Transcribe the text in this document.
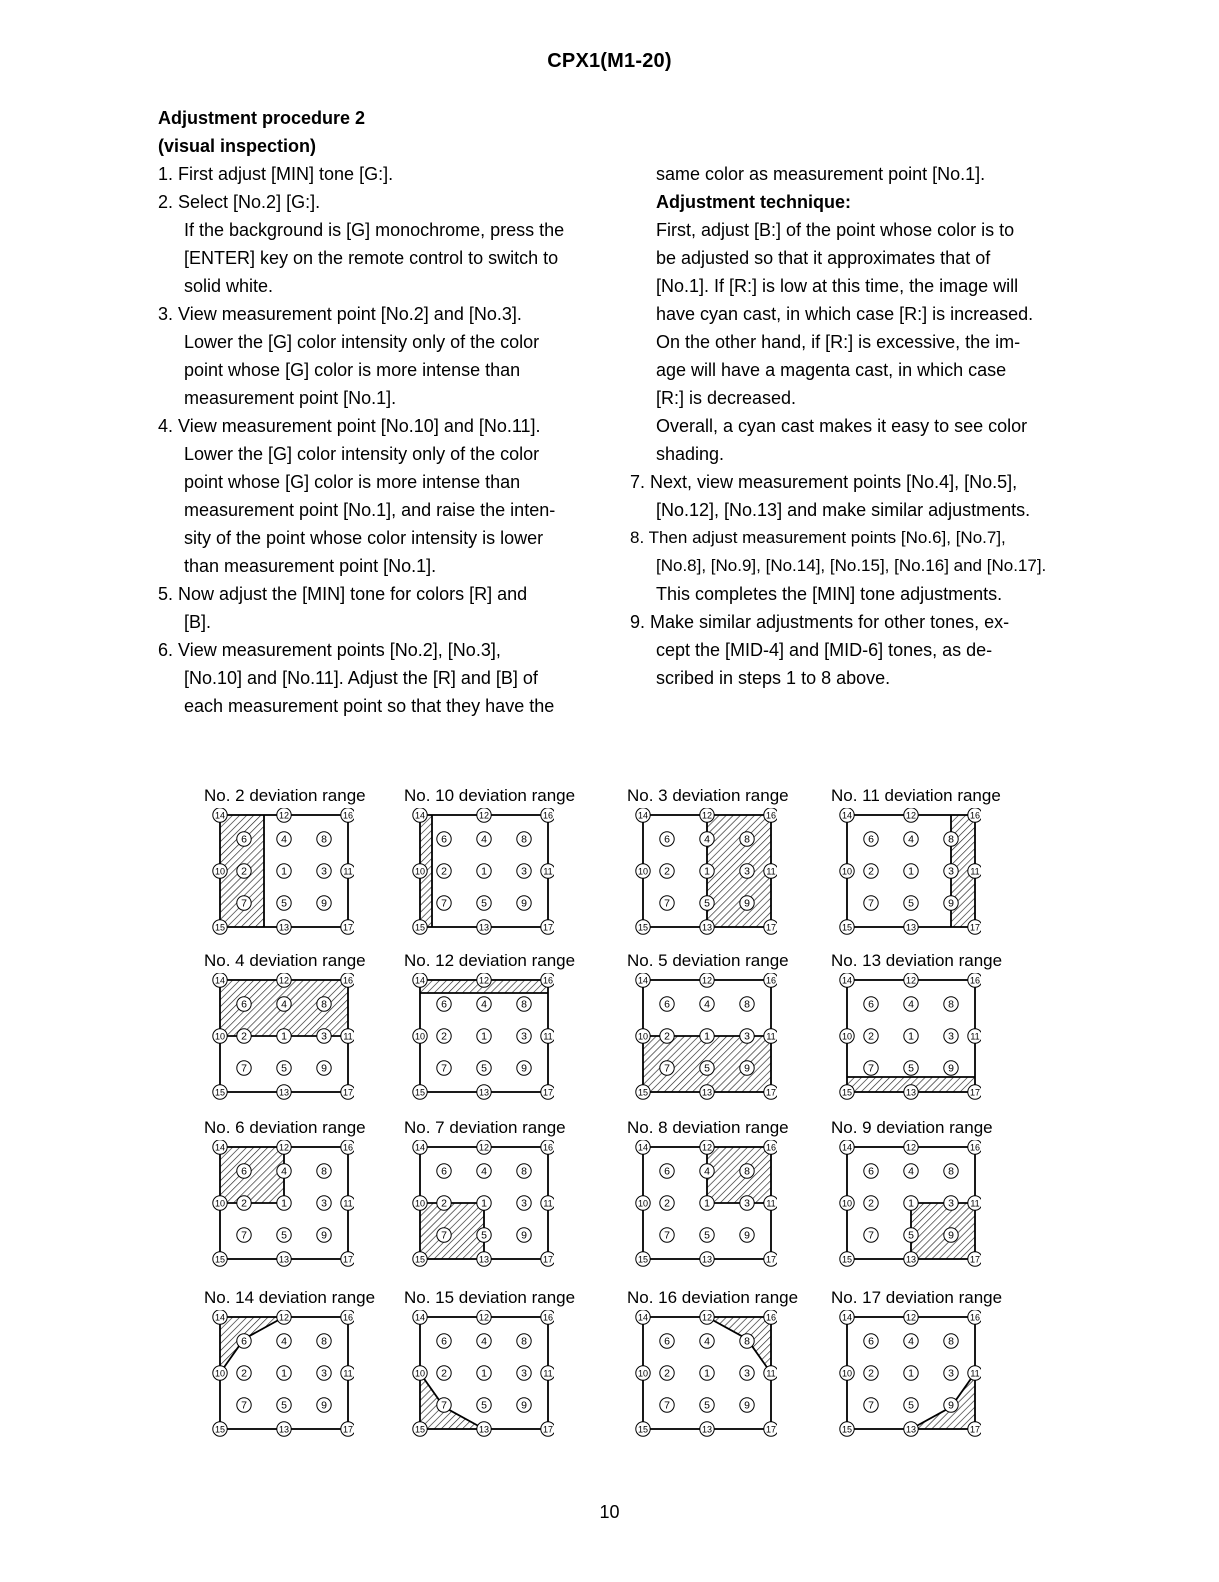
CPX1(M1-20)

Adjustment procedure 2

(visual inspection)

1. First adjust [MIN] tone [G:].

2. Select [No.2] [G:].

If the background is [G] monochrome, press the

[ENTER] key on the remote control to switch to

solid white.

3. View measurement point [No.2] and [No.3].

Lower the [G] color intensity only of the color

point whose [G] color is more intense than

measurement point [No.1].

4. View measurement point [No.10] and [No.11].

Lower the [G] color intensity only of the color

point whose [G] color is more intense than

measurement point [No.1], and raise the inten-

sity of the point whose color intensity is lower

than measurement point [No.1].

5. Now adjust the [MIN] tone for colors [R] and

[B].

6. View measurement points [No.2], [No.3],

[No.10] and [No.11]. Adjust the [R] and [B] of

each measurement point so that they have the

same color as measurement point [No.1].

Adjustment technique:

First, adjust [B:] of the point whose color is to

be adjusted so that it approximates that of

[No.1]. If [R:] is low at this time, the image will

have cyan cast, in which case [R:] is increased.

On the other hand, if [R:] is excessive, the im-

age will have a magenta cast, in which case

[R:] is decreased.

Overall, a cyan cast makes it easy to see color

shading.

7. Next, view measurement points [No.4], [No.5],

[No.12], [No.13] and make similar adjustments.

8. Then adjust measurement points [No.6], [No.7],

[No.8], [No.9], [No.14], [No.15], [No.16] and [No.17].

This completes the [MIN] tone adjustments.

9. Make similar adjustments for other tones, ex-

cept the [MID-4] and [MID-6] tones, as de-

scribed in steps 1 to 8 above.

No. 2 deviation range
1
2	3
4
5
6
7
8
9
10	11
12
13
14
15
16
17
No. 10 deviation range
1
2	3
4
5
6
7
8
9
10	11
12
13
14
15
16
17
No. 3 deviation range
1
2	3
4
5
6
7
8
9
10	11
12
13
14
15
16
17
No. 11 deviation range
1
2	3
4
5
6
7
8
9
10	11
12
13
14
15
16
17
No. 4 deviation range
1
2	3
4
5
6
7
8
9
10	11
12
13
14
15
16
17
No. 12 deviation range
1
2	3
4
5
6
7
8
9
10	11
12
13
14
15
16
17
No. 5 deviation range
1
2	3
4
5
6
7
8
9
10	11
12
13
14
15
16
17
No. 13 deviation range
1
2	3
4
5
6
7
8
9
10	11
12
13
14
15
16
17
No. 6 deviation range
1
2	3
4
5
6
7
8
9
10	11
12
13
14
15
16
17
No. 7 deviation range
1
2	3
4
5
6
7
8
9
10	11
12
13
14
15
16
17
No. 8 deviation range
1
2	3
4
5
6
7
8
9
10	11
12
13
14
15
16
17
No. 9 deviation range
1
2	3
4
5
6
7
8
9
10	11
12
13
14
15
16
17
No. 14 deviation range
1
2	3
4
5
6
7
8
9
10	11
12
13
14
15
16
17
No. 15 deviation range
1
2	3
4
5
6
7
8
9
10	11
12
13
14
15
16
17
No. 16 deviation range
1
2	3
4
5
6
7
8
9
10	11
12
13
14
15
16
17
No. 17 deviation range
1
2	3
4
5
6
7
8
9
10	11
12
13
14
15
16
17
10
